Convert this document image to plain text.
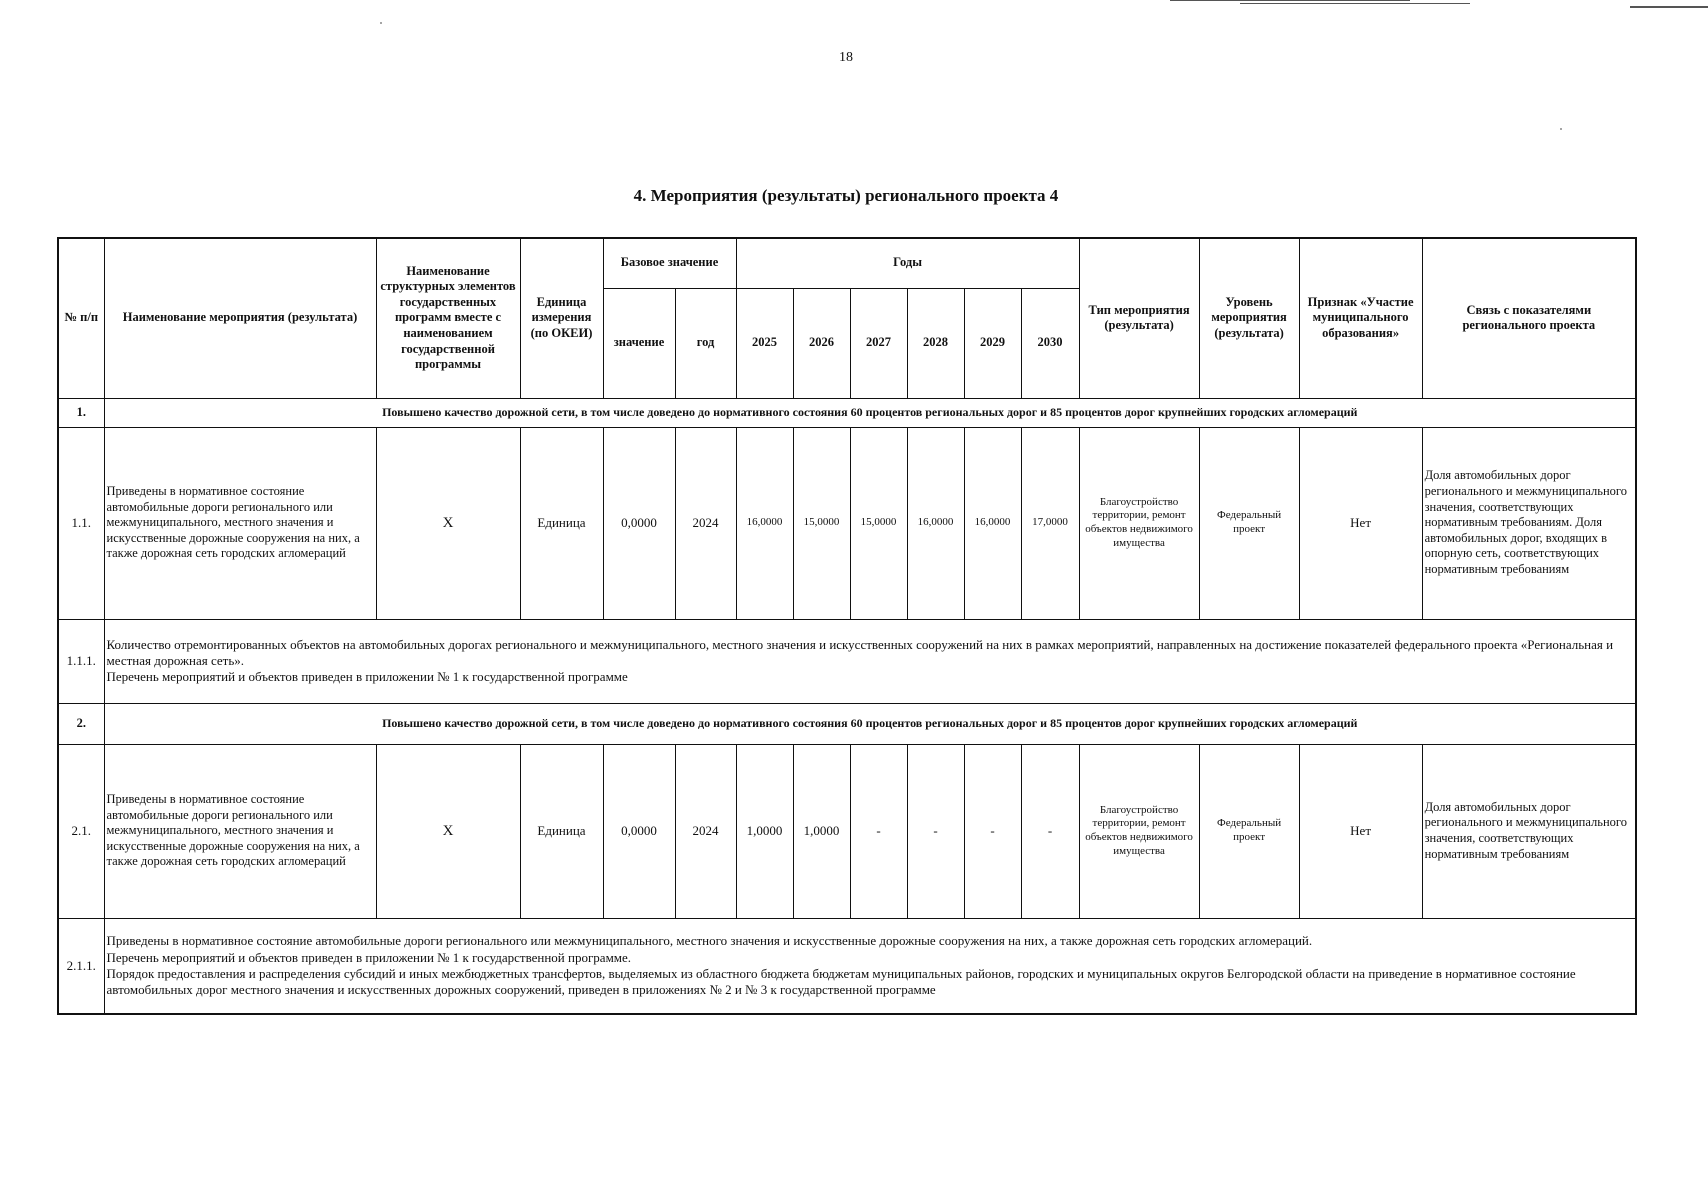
18
4. Мероприятия (результаты) регионального проекта 4
№ п/п	Наименование мероприятия (результата)	Наименование структурных элементов государственных программ вместе с наименованием государственной программы	Единица измерения (по ОКЕИ)	Базовое значение		Годы						Тип мероприятия (результата)	Уровень мероприятия (результата)	Признак «Участие муниципального образования»	Связь с показателями регионального проекта
				значение	год	2025	2026	2027	2028	2029	2030				
1.	Повышено качество дорожной сети, в том числе доведено до нормативного состояния 60 процентов региональных дорог и 85 процентов дорог крупнейших городских агломераций														
1.1.	Приведены в нормативное состояние автомобильные дороги регионального или межмуниципального, местного значения и искусственные дорожные сооружения на них, а также дорожная сеть городских агломераций	X	Единица	0,0000	2024	16,0000	15,0000	15,0000	16,0000	16,0000	17,0000	Благоустройство территории, ремонт объектов недвижимого имущества	Федеральный проект	Нет	Доля автомобильных дорог регионального и межмуниципального значения, соответствующих нормативным требованиям. Доля автомобильных дорог, входящих в опорную сеть, соответствующих нормативным требованиям
1.1.1.	Количество отремонтированных объектов на автомобильных дорогах регионального и межмуниципального, местного значения и искусственных сооружений на них в рамках мероприятий, направленных на достижение показателей федерального проекта «Региональная и местная дорожная сеть».
Перечень мероприятий и объектов приведен в приложении № 1 к государственной программе														

2.	Повышено качество дорожной сети, в том числе доведено до нормативного состояния 60 процентов региональных дорог и 85 процентов дорог крупнейших городских агломераций														
2.1.	Приведены в нормативное состояние автомобильные дороги регионального или межмуниципального, местного значения и искусственные дорожные сооружения на них, а также дорожная сеть городских агломераций	X	Единица	0,0000	2024	1,0000	1,0000	-	-	-	-	Благоустройство территории, ремонт объектов недвижимого имущества	Федеральный проект	Нет	Доля автомобильных дорог регионального и межмуниципального значения, соответствующих нормативным требованиям
2.1.1.	Приведены в нормативное состояние автомобильные дороги регионального или межмуниципального, местного значения и искусственные дорожные сооружения на них, а также дорожная сеть городских агломераций.
Перечень мероприятий и объектов приведен в приложении № 1 к государственной программе.
Порядок предоставления и распределения субсидий и иных межбюджетных трансфертов, выделяемых из областного бюджета бюджетам муниципальных районов, городских и муниципальных округов Белгородской области на приведение в нормативное состояние автомобильных дорог местного значения и искусственных дорожных сооружений, приведен в приложениях № 2 и № 3 к государственной программе														
